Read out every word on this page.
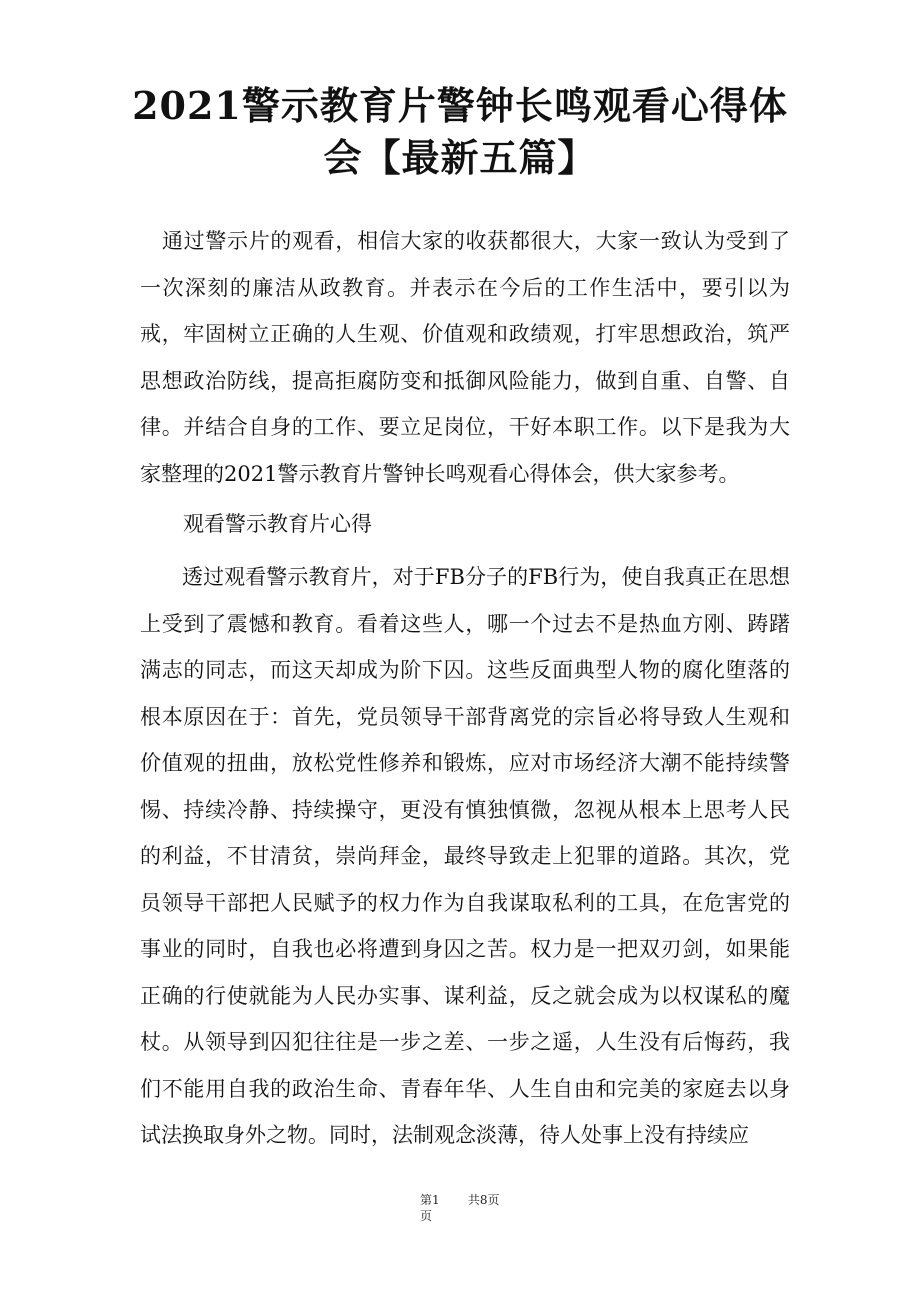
2021警示教育片警钟长鸣观看心得体会【最新五篇】

通过警示片的观看，相信大家的收获都很大，大家一致认为受到了一次深刻的廉洁从政教育。并表示在今后的工作生活中，要引以为戒，牢固树立正确的人生观、价值观和政绩观，打牢思想政治，筑严思想政治防线，提高拒腐防变和抵御风险能力，做到自重、自警、自律。并结合自身的工作、要立足岗位，干好本职工作。以下是我为大家整理的2021警示教育片警钟长鸣观看心得体会，供大家参考。

观看警示教育片心得

透过观看警示教育片，对于FB分子的FB行为，使自我真正在思想上受到了震憾和教育。看着这些人，哪一个过去不是热血方刚、踌躇满志的同志，而这天却成为阶下囚。这些反面典型人物的腐化堕落的根本原因在于：首先，党员领导干部背离党的宗旨必将导致人生观和价值观的扭曲，放松党性修养和锻炼，应对市场经济大潮不能持续警惕、持续冷静、持续操守，更没有慎独慎微，忽视从根本上思考人民的利益，不甘清贫，崇尚拜金，最终导致走上犯罪的道路。其次，党员领导干部把人民赋予的权力作为自我谋取私利的工具，在危害党的事业的同时，自我也必将遭到身囚之苦。权力是一把双刃剑，如果能正确的行使就能为人民办实事、谋利益，反之就会成为以权谋私的魔杖。从领导到囚犯往往是一步之差、一步之遥，人生没有后悔药，我们不能用自我的政治生命、青春年华、人生自由和完美的家庭去以身试法换取身外之物。同时，法制观念淡薄，待人处事上没有持续应

第1页 共8页
